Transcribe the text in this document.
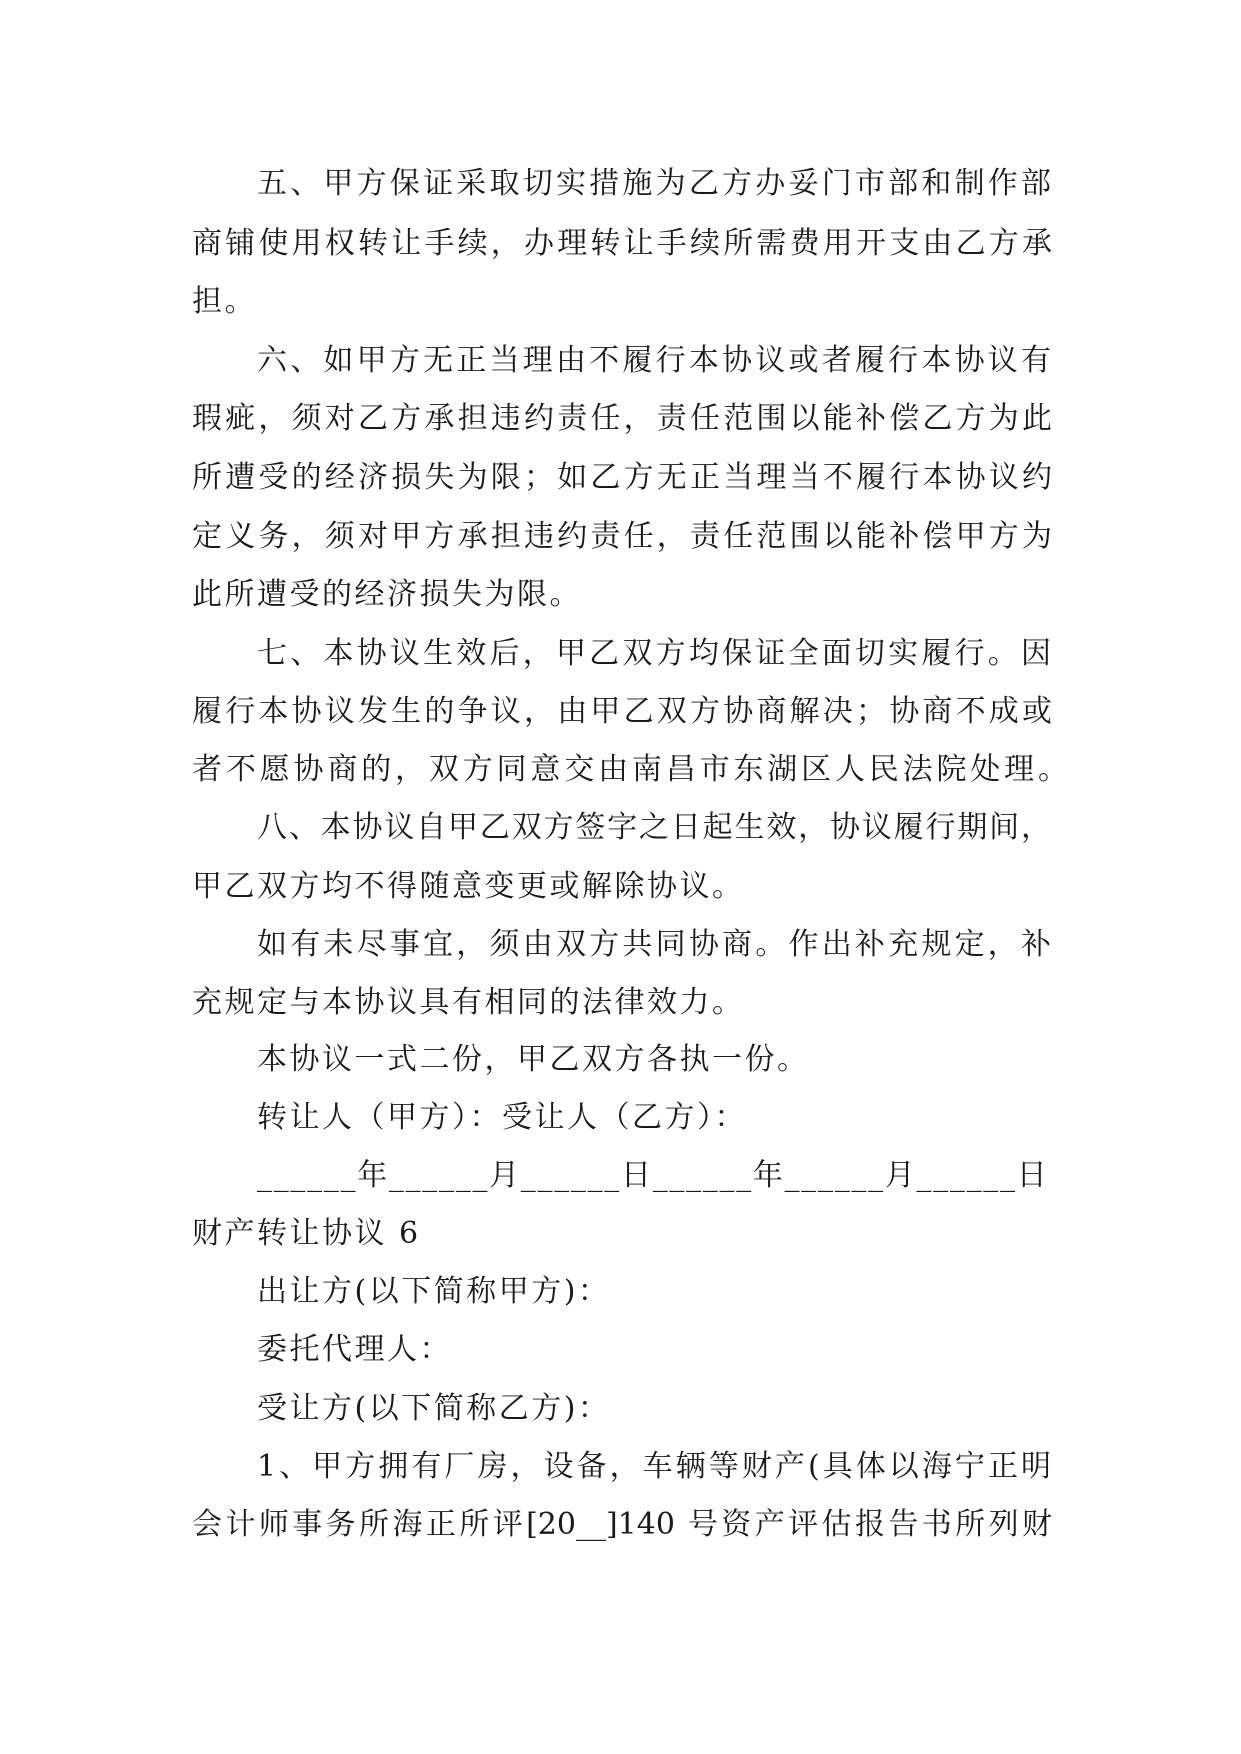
五、甲方保证采取切实措施为乙方办妥门市部和制作部
商铺使用权转让手续，办理转让手续所需费用开支由乙方承
担。
六、如甲方无正当理由不履行本协议或者履行本协议有
瑕疵，须对乙方承担违约责任，责任范围以能补偿乙方为此
所遭受的经济损失为限；如乙方无正当理当不履行本协议约
定义务，须对甲方承担违约责任，责任范围以能补偿甲方为
此所遭受的经济损失为限。
七、本协议生效后，甲乙双方均保证全面切实履行。因
履行本协议发生的争议，由甲乙双方协商解决；协商不成或
者不愿协商的，双方同意交由南昌市东湖区人民法院处理。
八、本协议自甲乙双方签字之日起生效，协议履行期间，
甲乙双方均不得随意变更或解除协议。
如有未尽事宜，须由双方共同协商。作出补充规定，补
充规定与本协议具有相同的法律效力。
本协议一式二份，甲乙双方各执一份。
转让人（甲方）：受让人（乙方）：
______年______月______日______年______月______日
财产转让协议 6
出让方(以下简称甲方)：
委托代理人：
受让方(以下简称乙方)：
1、甲方拥有厂房，设备，车辆等财产(具体以海宁正明
会计师事务所海正所评[20__]140 号资产评估报告书所列财
